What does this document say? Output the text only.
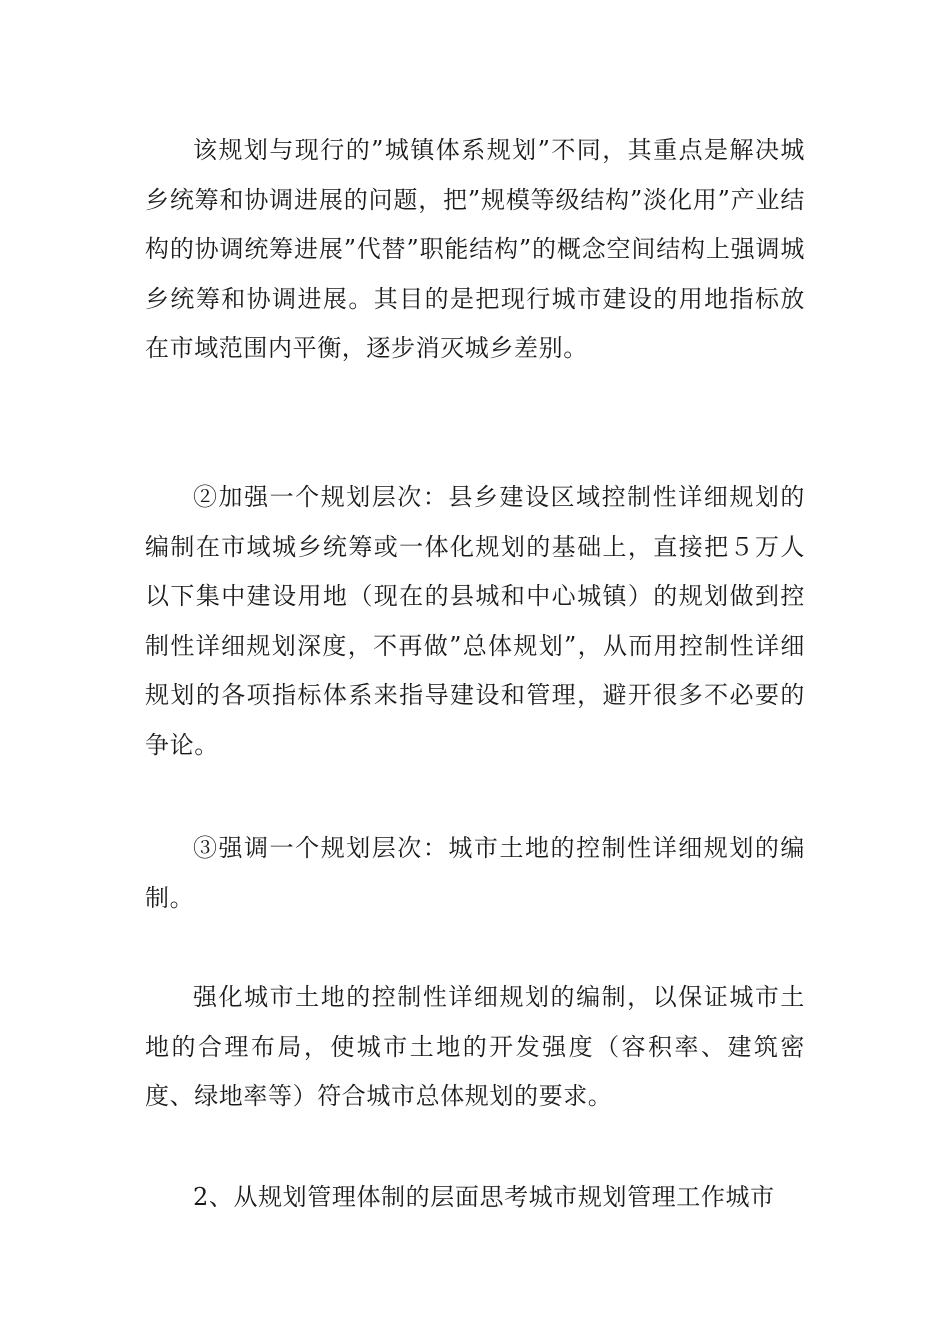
该规划与现行的”城镇体系规划”不同，其重点是解决城乡统筹和协调进展的问题，把”规模等级结构”淡化用”产业结构的协调统筹进展”代替”职能结构”的概念空间结构上强调城乡统筹和协调进展。其目的是把现行城市建设的用地指标放在市域范围内平衡，逐步消灭城乡差别。

②加强一个规划层次：县乡建设区域控制性详细规划的编制在市域城乡统筹或一体化规划的基础上，直接把５万人以下集中建设用地（现在的县城和中心城镇）的规划做到控制性详细规划深度，不再做”总体规划”，从而用控制性详细规划的各项指标体系来指导建设和管理，避开很多不必要的争论。

③强调一个规划层次：城市土地的控制性详细规划的编制。

强化城市土地的控制性详细规划的编制，以保证城市土地的合理布局，使城市土地的开发强度（容积率、建筑密度、绿地率等）符合城市总体规划的要求。

2、从规划管理体制的层面思考城市规划管理工作城市
